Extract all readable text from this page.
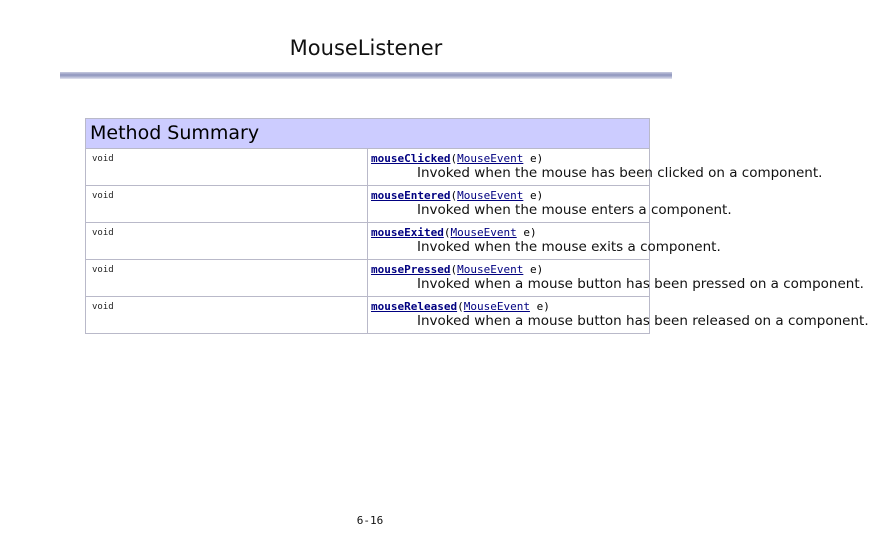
MouseListener
Method Summary	
void	mouseClicked(MouseEvent e)
Invoked when the mouse has been clicked on a component.

void	mouseEntered(MouseEvent e)
Invoked when the mouse enters a component.

void	mouseExited(MouseEvent e)
Invoked when the mouse exits a component.

void	mousePressed(MouseEvent e)
Invoked when a mouse button has been pressed on a component.

void	mouseReleased(MouseEvent e)
Invoked when a mouse button has been released on a component.
6-16
